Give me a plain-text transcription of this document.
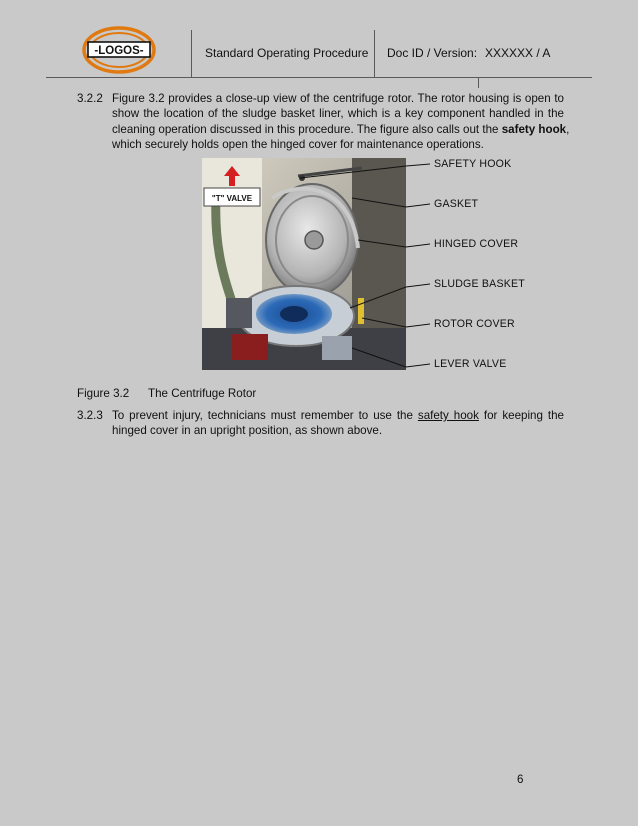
-LOGOS-	Standard Operating Procedure Doc ID / Version: XXXXXX / A
3.2.2 Figure 3.2 provides a close-up view of the centrifuge rotor. The rotor housing is open to
show the location of the sludge basket liner, which is a key component handled in the
cleaning operation discussed in this procedure. The figure also calls out the safety hook,
which securely holds open the hinged cover for maintenance operations.
"T" VALVE
SAFETY HOOK
GASKET
HINGED COVER
SLUDGE BASKET
ROTOR COVER
LEVER VALVE
Figure 3.2 The Centrifuge Rotor
3.2.3 To prevent injury, technicians must remember to use the safety hook for keeping the
hinged cover in an upright position, as shown above.
6
